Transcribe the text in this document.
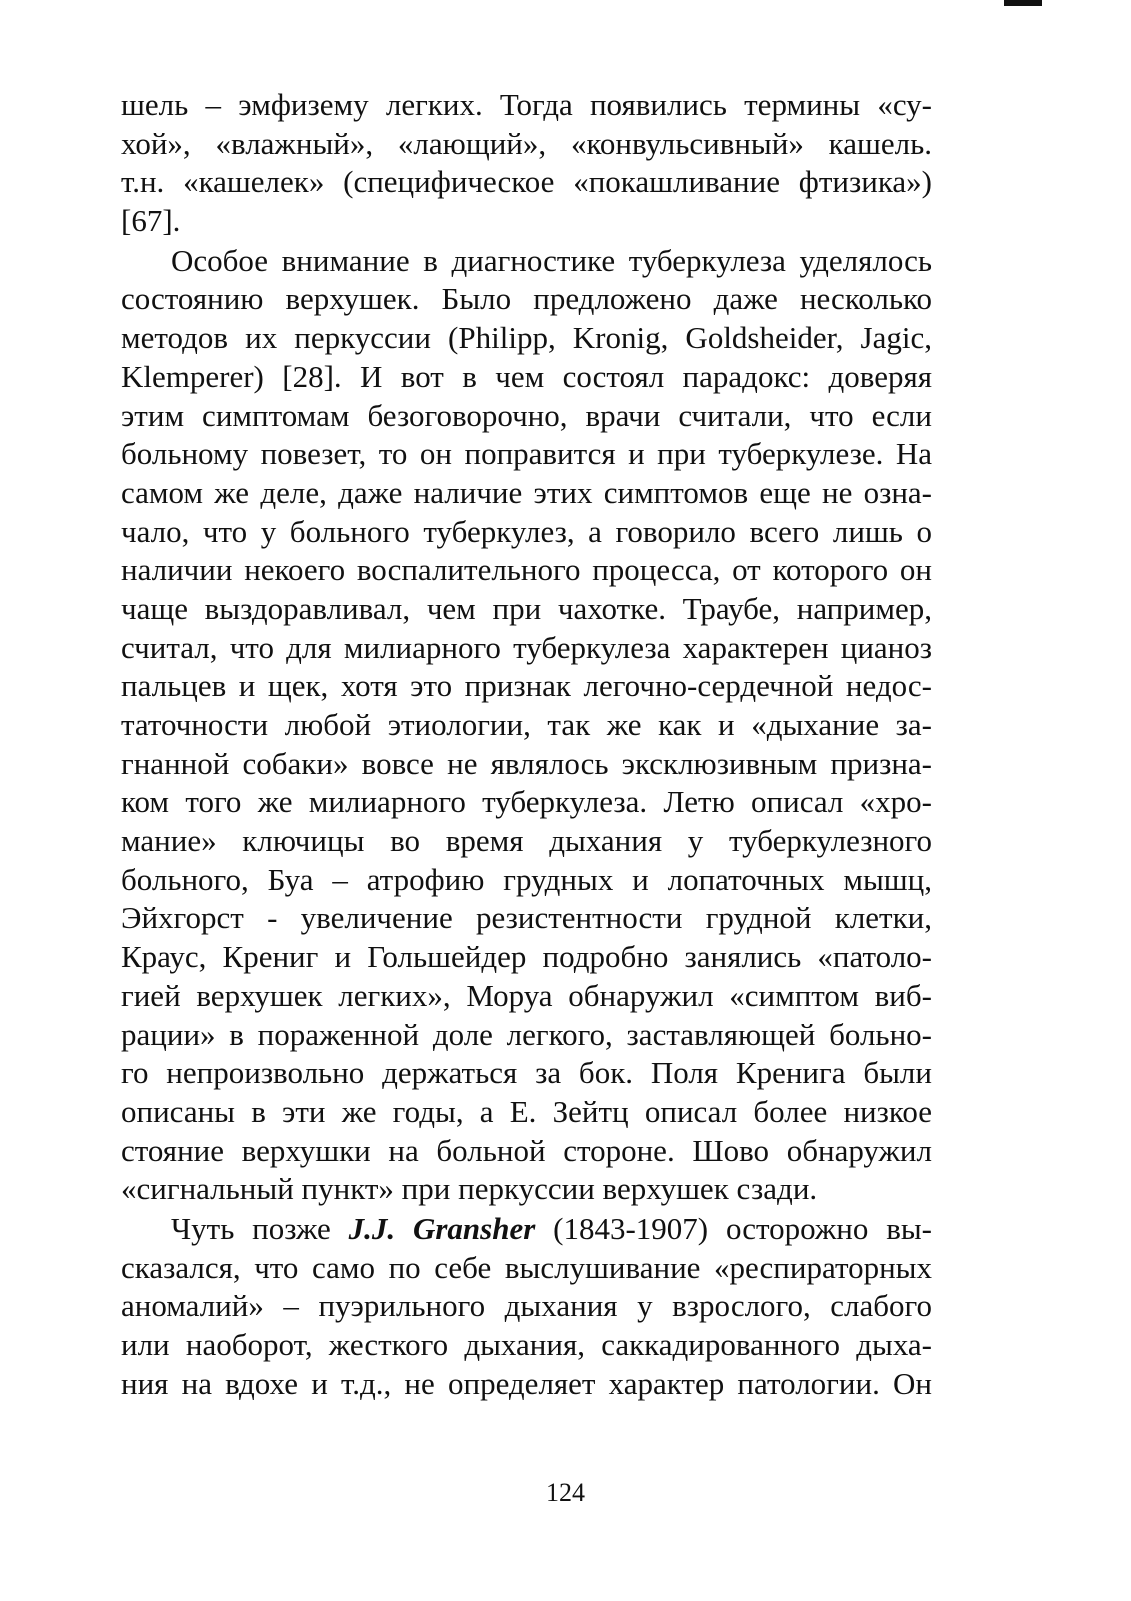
шель – эмфизему легких. Тогда появились термины «су-
хой», «влажный», «лающий», «конвульсивный» кашель.
т.н. «кашелек» (специфическое «покашливание фтизика»)
[67].
Особое внимание в диагностике туберкулеза уделялось
состоянию верхушек. Было предложено даже несколько
методов их перкуссии (Philipp, Kronig, Goldsheider, Jagic,
Klemperer) [28]. И вот в чем состоял парадокс: доверяя
этим симптомам безоговорочно, врачи считали, что если
больному повезет, то он поправится и при туберкулезе. На
самом же деле, даже наличие этих симптомов еще не озна-
чало, что у больного туберкулез, а говорило всего лишь о
наличии некоего воспалительного процесса, от которого он
чаще выздоравливал, чем при чахотке. Траубе, например,
считал, что для милиарного туберкулеза характерен цианоз
пальцев и щек, хотя это признак легочно-сердечной недос-
таточности любой этиологии, так же как и «дыхание за-
гнанной собаки» вовсе не являлось эксклюзивным призна-
ком того же милиарного туберкулеза. Летю описал «хро-
мание» ключицы во время дыхания у туберкулезного
больного, Буа – атрофию грудных и лопаточных мышц,
Эйхгорст - увеличение резистентности грудной клетки,
Краус, Крениг и Гольшейдер подробно занялись «патоло-
гией верхушек легких», Моруа обнаружил «симптом виб-
рации» в пораженной доле легкого, заставляющей больно-
го непроизвольно держаться за бок. Поля Кренига были
описаны в эти же годы, а Е. Зейтц описал более низкое
стояние верхушки на больной стороне. Шово обнаружил
«сигнальный пункт» при перкуссии верхушек сзади.
Чуть позже J.J. Gransher (1843-1907) осторожно вы-
сказался, что само по себе выслушивание «респираторных
аномалий» – пуэрильного дыхания у взрослого, слабого
или наоборот, жесткого дыхания, саккадированного дыха-
ния на вдохе и т.д., не определяет характер патологии. Он
124
